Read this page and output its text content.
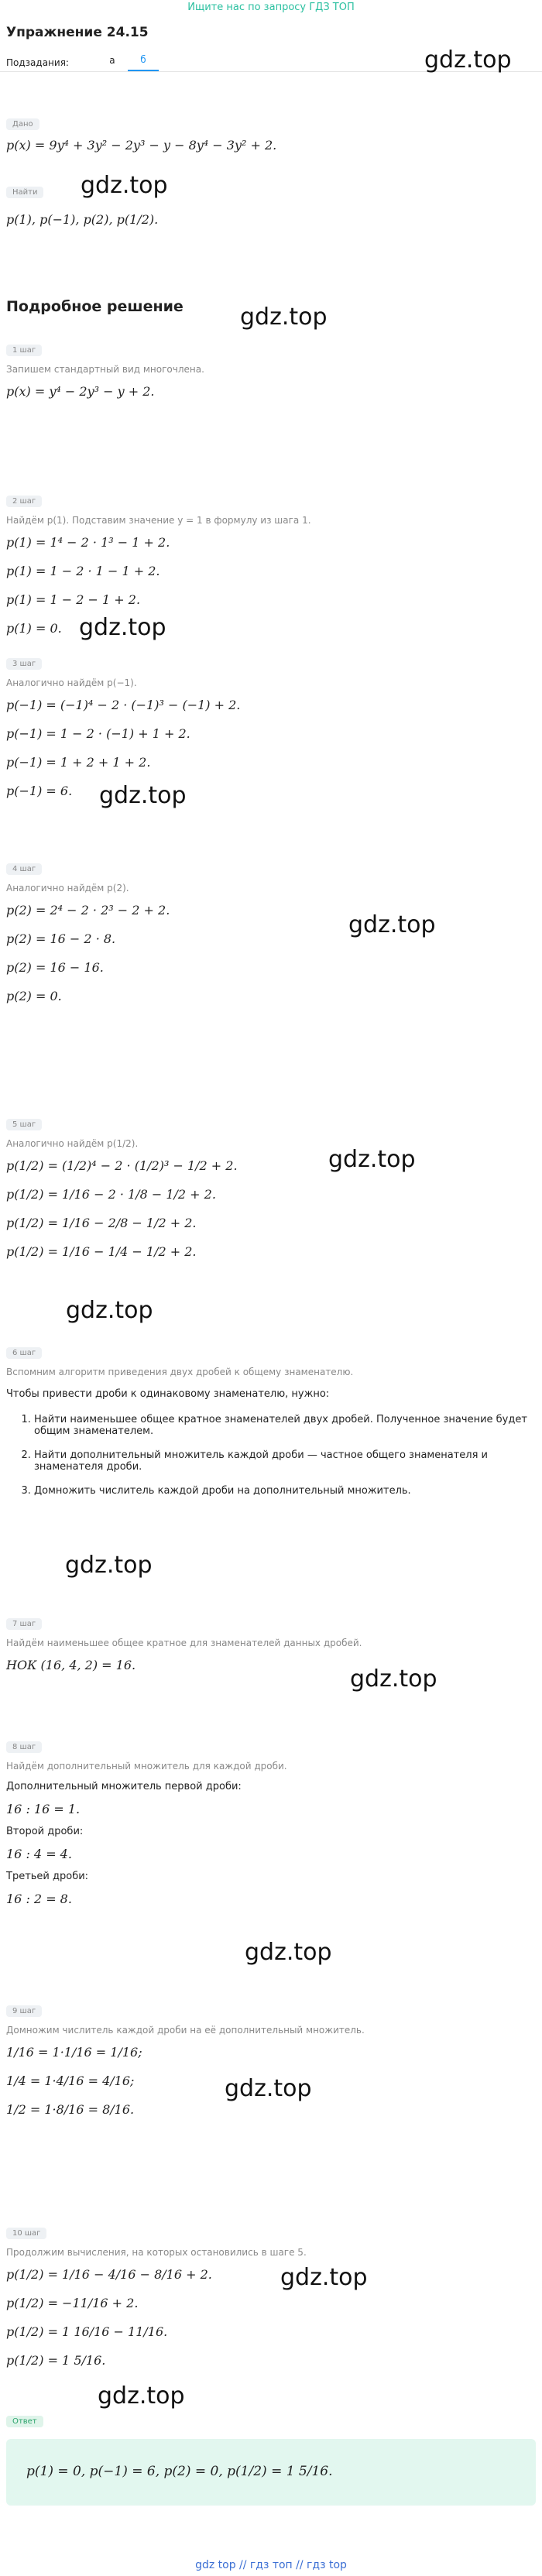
Ищите нас по запросу ГДЗ ТОП
Упражнение 24.15
Подзадания:	а	б
Дано
p(x) = 9y⁴ + 3y² − 2y³ − y − 8y⁴ − 3y² + 2.
Найти
p(1), p(−1), p(2), p(1/2).
Подробное решение
1 шаг
Запишем стандартный вид многочлена.
p(x) = y⁴ − 2y³ − y + 2.
2 шаг
Найдём p(1). Подставим значение y = 1 в формулу из шага 1.
p(1) = 1⁴ − 2 · 1³ − 1 + 2.
p(1) = 1 − 2 · 1 − 1 + 2.
p(1) = 1 − 2 − 1 + 2.
p(1) = 0.
3 шаг
Аналогично найдём p(−1).
p(−1) = (−1)⁴ − 2 · (−1)³ − (−1) + 2.
p(−1) = 1 − 2 · (−1) + 1 + 2.
p(−1) = 1 + 2 + 1 + 2.
p(−1) = 6.
4 шаг
Аналогично найдём p(2).
p(2) = 2⁴ − 2 · 2³ − 2 + 2.
p(2) = 16 − 2 · 8.
p(2) = 16 − 16.
p(2) = 0.
5 шаг
Аналогично найдём p(1/2).
p(1/2) = (1/2)⁴ − 2 · (1/2)³ − 1/2 + 2.
p(1/2) = 1/16 − 2 · 1/8 − 1/2 + 2.
p(1/2) = 1/16 − 2/8 − 1/2 + 2.
p(1/2) = 1/16 − 1/4 − 1/2 + 2.
6 шаг
Вспомним алгоритм приведения двух дробей к общему знаменателю.
Чтобы привести дроби к одинаковому знаменателю, нужно:
1. Найти наименьшее общее кратное знаменателей двух дробей. Полученное значение будет общим знаменателем.
2. Найти дополнительный множитель каждой дроби — частное общего знаменателя и знаменателя дроби.
3. Домножить числитель каждой дроби на дополнительный множитель.
7 шаг
Найдём наименьшее общее кратное для знаменателей данных дробей.
НОК (16, 4, 2) = 16.
8 шаг
Найдём дополнительный множитель для каждой дроби.
Дополнительный множитель первой дроби:
16 : 16 = 1.
Второй дроби:
16 : 4 = 4.
Третьей дроби:
16 : 2 = 8.
9 шаг
Домножим числитель каждой дроби на её дополнительный множитель.
1/16 = 1·1/16 = 1/16;
1/4 = 1·4/16 = 4/16;
1/2 = 1·8/16 = 8/16.
10 шаг
Продолжим вычисления, на которых остановились в шаге 5.
p(1/2) = 1/16 − 4/16 − 8/16 + 2.
p(1/2) = −11/16 + 2.
p(1/2) = 1 16/16 − 11/16.
p(1/2) = 1 5/16.
Ответ
p(1) = 0, p(−1) = 6, p(2) = 0, p(1/2) = 1 5/16.
gdz top // гдз топ // гдз top
gdz.top
gdz.top
gdz.top
gdz.top
gdz.top
gdz.top
gdz.top
gdz.top
gdz.top
gdz.top
gdz.top
gdz.top
gdz.top
gdz.top
